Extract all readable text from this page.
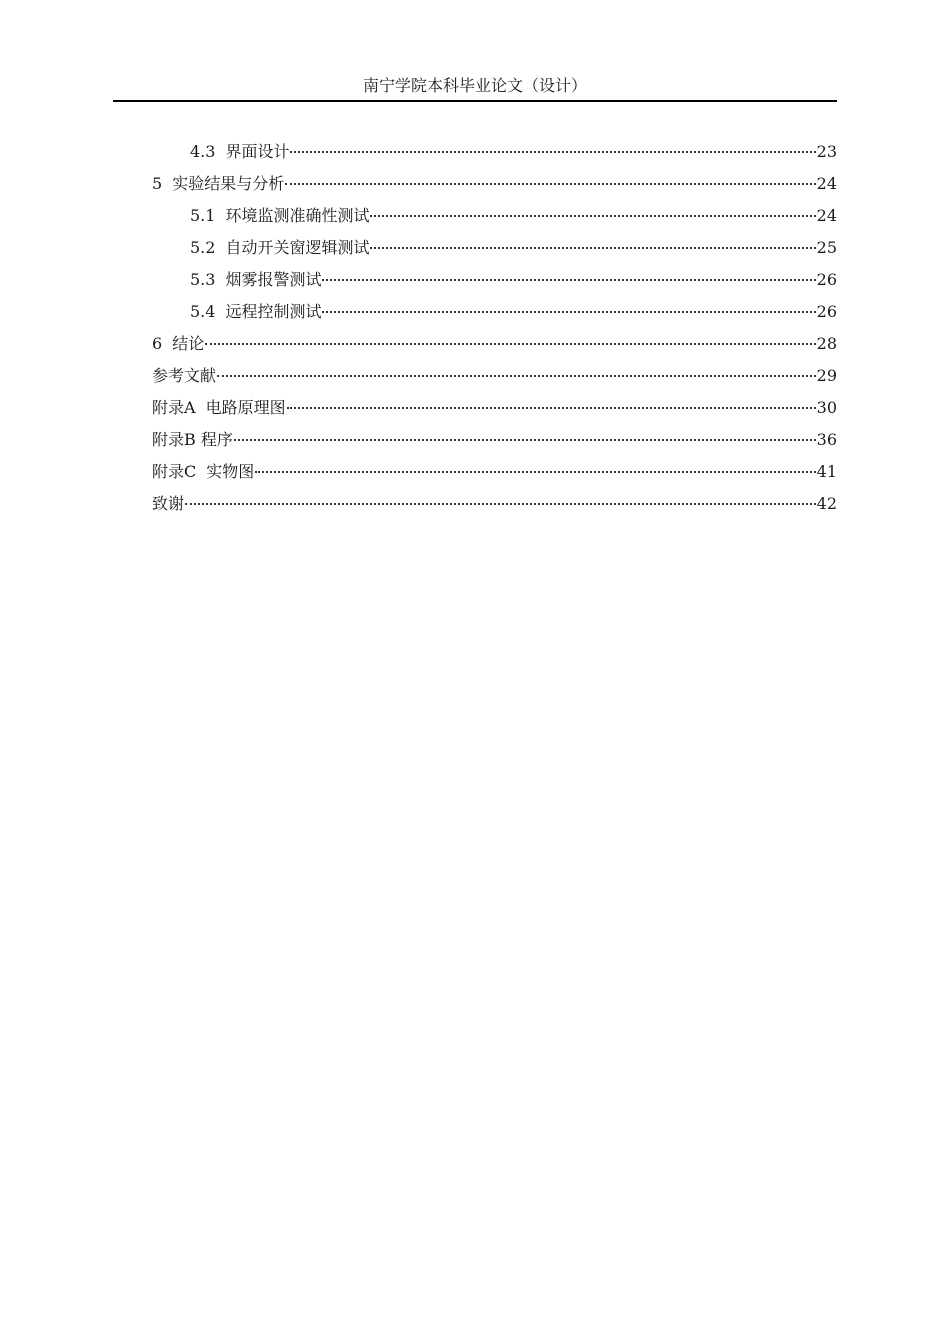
南宁学院本科毕业论文（设计）
4.3 界面设计	23
5 实验结果与分析	24
5.1 环境监测准确性测试	24
5.2 自动开关窗逻辑测试	25
5.3 烟雾报警测试	26
5.4 远程控制测试	26
6 结论	28
参考文献	29
附录A 电路原理图	30
附录B 程序	36
附录C 实物图	41
致谢	42
